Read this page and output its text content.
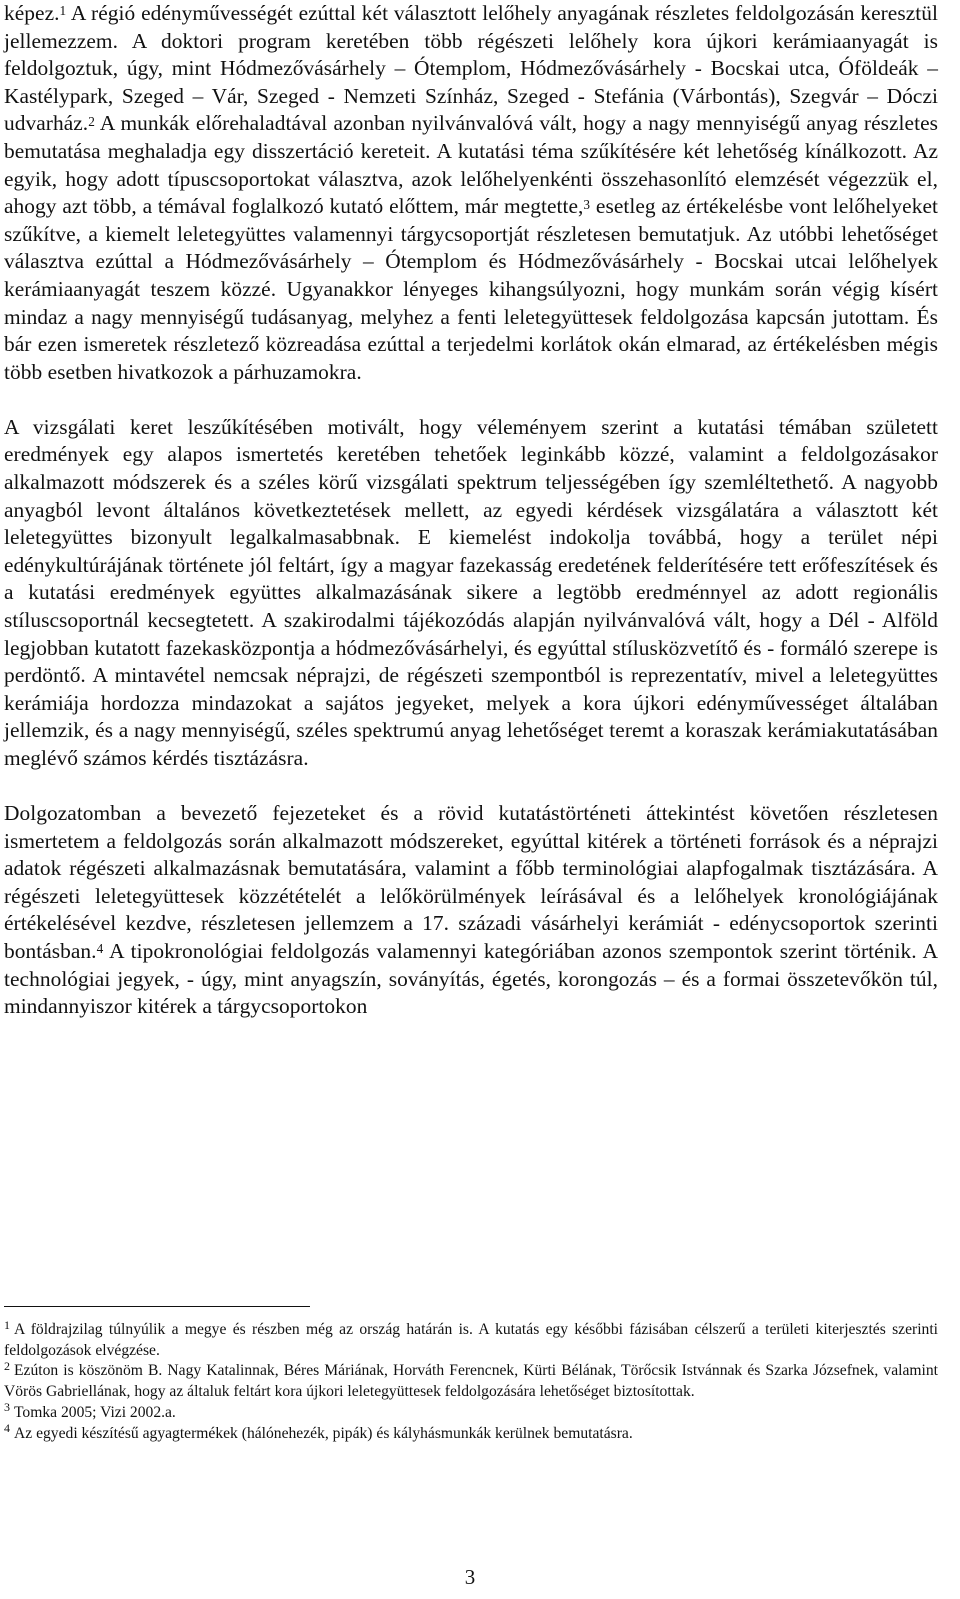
képez.$^1$ A régió edényművességét ezúttal két választott lelőhely anyagának részletes feldolgozásán keresztül jellemezzem. A doktori program keretében több régészeti lelőhely kora újkori kerámiaanyagát is feldolgoztuk, úgy, mint Hódmezővásárhely – Ótemplom, Hódmezővásárhely - Bocskai utca, Óföldeák – Kastélypark, Szeged – Vár, Szeged - Nemzeti Színház, Szeged - Stefánia (Várbontás), Szegvár – Dóczi udvarház.$^2$ A munkák előrehaladtával azonban nyilvánvalóvá vált, hogy a nagy mennyiségű anyag részletes bemutatása meghaladja egy disszertáció kereteit. A kutatási téma szűkítésére két lehetőség kínálkozott. Az egyik, hogy adott típuscsoportokat választva, azok lelőhelyenkénti összehasonlító elemzését végezzük el, ahogy azt több, a témával foglalkozó kutató előttem, már megtette,$^3$ esetleg az értékelésbe vont lelőhelyeket szűkítve, a kiemelt leletegyüttes valamennyi tárgycsoportját részletesen bemutatjuk. Az utóbbi lehetőséget választva ezúttal a Hódmezővásárhely – Ótemplom és Hódmezővásárhely - Bocskai utcai lelőhelyek kerámiaanyagát teszem közzé. Ugyanakkor lényeges kihangsúlyozni, hogy munkám során végig kísért mindaz a nagy mennyiségű tudásanyag, melyhez a fenti leletegyüttesek feldolgozása kapcsán jutottam. És bár ezen ismeretek részletező közreadása ezúttal a terjedelmi korlátok okán elmarad, az értékelésben mégis több esetben hivatkozok a párhuzamokra.

A vizsgálati keret leszűkítésében motivált, hogy véleményem szerint a kutatási témában született eredmények egy alapos ismertetés keretében tehetőek leginkább közzé, valamint a feldolgozásakor alkalmazott módszerek és a széles körű vizsgálati spektrum teljességében így szemléltethető. A nagyobb anyagból levont általános következtetések mellett, az egyedi kérdések vizsgálatára a választott két leletegyüttes bizonyult legalkalmasabbnak. E kiemelést indokolja továbbá, hogy a terület népi edénykultúrájának története jól feltárt, így a magyar fazekasság eredetének felderítésére tett erőfeszítések és a kutatási eredmények együttes alkalmazásának sikere a legtöbb eredménnyel az adott regionális stíluscsoportnál kecsegtetett. A szakirodalmi tájékozódás alapján nyilvánvalóvá vált, hogy a Dél - Alföld legjobban kutatott fazekasközpontja a hódmezővásárhelyi, és egyúttal stílusközvetítő és - formáló szerepe is perdöntő. A mintavétel nemcsak néprajzi, de régészeti szempontból is reprezentatív, mivel a leletegyüttes kerámiája hordozza mindazokat a sajátos jegyeket, melyek a kora újkori edényművességet általában jellemzik, és a nagy mennyiségű, széles spektrumú anyag lehetőséget teremt a koraszak kerámiakutatásában meglévő számos kérdés tisztázásra.

Dolgozatomban a bevezető fejezeteket és a rövid kutatástörténeti áttekintést követően részletesen ismertetem a feldolgozás során alkalmazott módszereket, egyúttal kitérek a történeti források és a néprajzi adatok régészeti alkalmazásnak bemutatására, valamint a főbb terminológiai alapfogalmak tisztázására. A régészeti leletegyüttesek közzétételét a lelőkörülmények leírásával és a lelőhelyek kronológiájának értékelésével kezdve, részletesen jellemzem a 17. századi vásárhelyi kerámiát - edénycsoportok szerinti bontásban.$^4$ A tipokronológiai feldolgozás valamennyi kategóriában azonos szempontok szerint történik. A technológiai jegyek, - úgy, mint anyagszín, soványítás, égetés, korongozás – és a formai összetevőkön túl, mindannyiszor kitérek a tárgycsoportokon

$^1$ A földrajzilag túlnyúlik a megye és részben még az ország határán is. A kutatás egy későbbi fázisában célszerű a területi kiterjesztés szerinti feldolgozások elvégzése.

$^2$ Ezúton is köszönöm B. Nagy Katalinnak, Béres Máriának, Horváth Ferencnek, Kürti Bélának, Törőcsik Istvánnak és Szarka Józsefnek, valamint Vörös Gabriellának, hogy az általuk feltárt kora újkori leletegyüttesek feldolgozására lehetőséget biztosítottak.

$^3$ Tomka 2005; Vizi 2002.a.

$^4$ Az egyedi készítésű agyagtermékek (hálónehezék, pipák) és kályhásmunkák kerülnek bemutatásra.

3
